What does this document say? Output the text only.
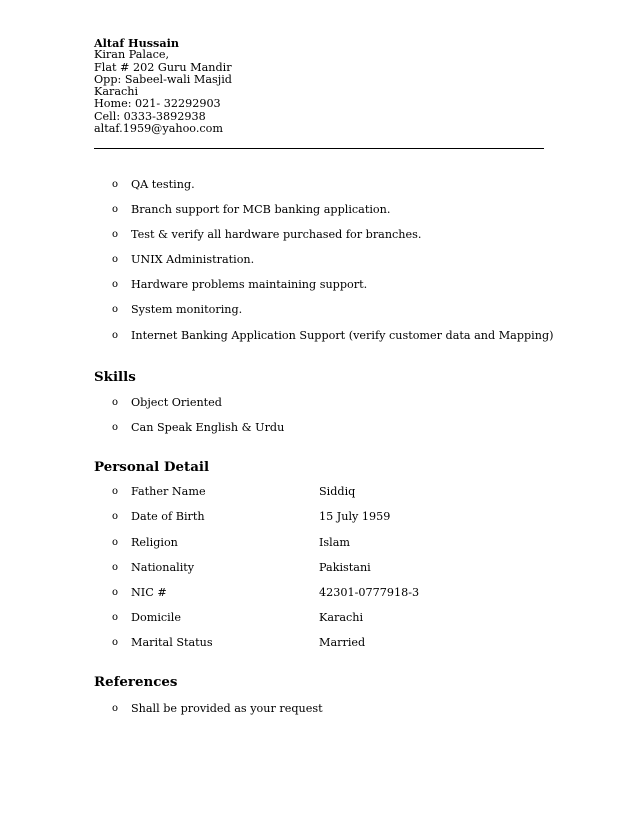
Altaf Hussain
Kiran Palace,
Flat # 202 Guru Mandir
Opp: Sabeel-wali Masjid
Karachi
Home: 021- 32292903
Cell: 0333-3892938
altaf.1959@yahoo.com
o QA testing.
o Branch support for MCB banking application.
o Test & verify all hardware purchased for branches.
o UNIX Administration.
o Hardware problems maintaining support.
o System monitoring.
o Internet Banking Application Support (verify customer data and Mapping)
Skills
o Object Oriented
o Can Speak English & Urdu
Personal Detail
o Father Name	Siddiq
o Date of Birth	15 July 1959
o Religion	Islam
o Nationality	Pakistani
o NIC #	42301-0777918-3
o Domicile	Karachi
o Marital Status	Married
References
o Shall be provided as your request
